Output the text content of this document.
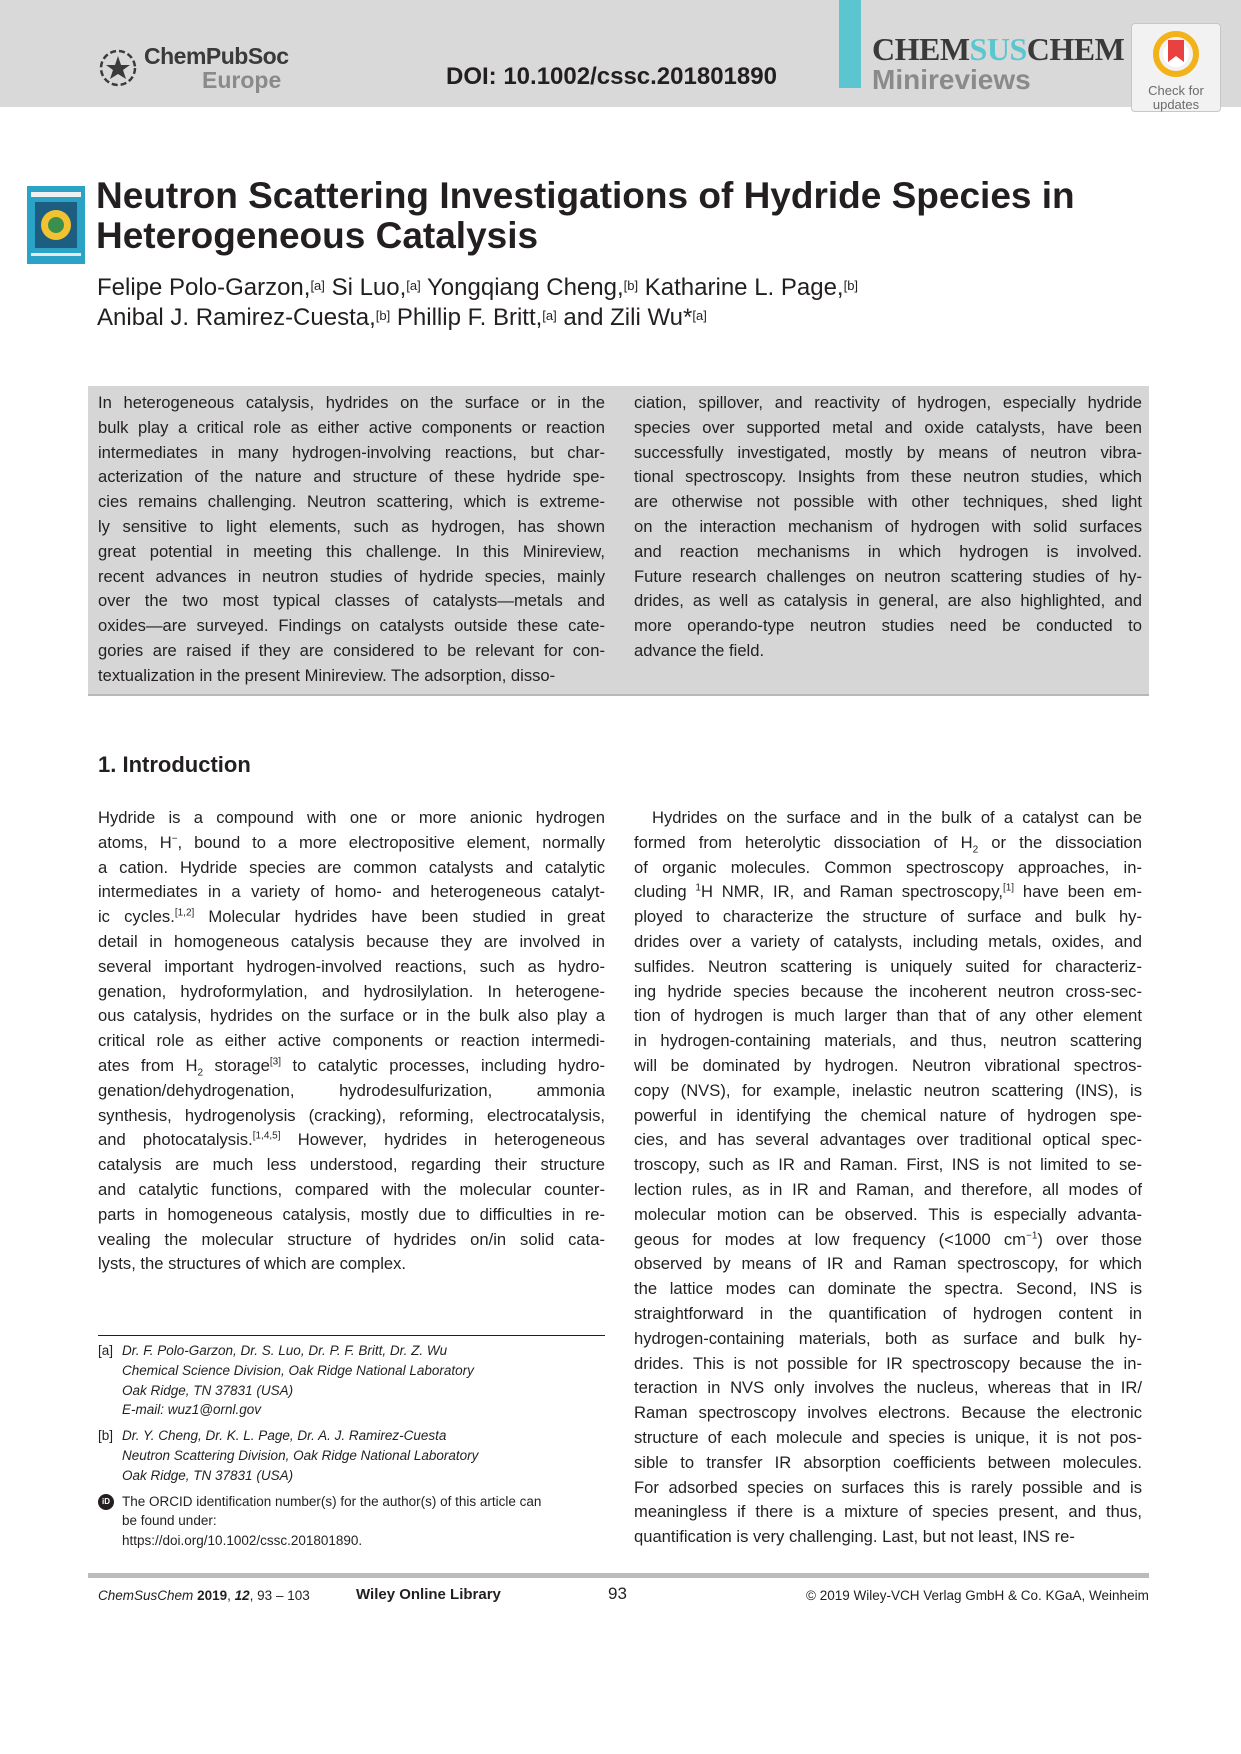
ChemPubSoc
Europe	DOI: 10.1002/cssc.201801890
CHEMSUSCHEM
Minireviews	Check for
updates
Neutron Scattering Investigations of Hydride Species in
Heterogeneous Catalysis
Felipe Polo-Garzon,[a] Si Luo,[a] Yongqiang Cheng,[b] Katharine L. Page,[b]
Anibal J. Ramirez-Cuesta,[b] Phillip F. Britt,[a] and Zili Wu*[a]
In heterogeneous catalysis, hydrides on the surface or in the
bulk play a critical role as either active components or reaction
intermediates in many hydrogen-involving reactions, but char-
acterization of the nature and structure of these hydride spe-
cies remains challenging. Neutron scattering, which is extreme-
ly sensitive to light elements, such as hydrogen, has shown
great potential in meeting this challenge. In this Minireview,
recent advances in neutron studies of hydride species, mainly
over the two most typical classes of catalysts—metals and
oxides—are surveyed. Findings on catalysts outside these cate-
gories are raised if they are considered to be relevant for con-
textualization in the present Minireview. The adsorption, disso-
ciation, spillover, and reactivity of hydrogen, especially hydride
species over supported metal and oxide catalysts, have been
successfully investigated, mostly by means of neutron vibra-
tional spectroscopy. Insights from these neutron studies, which
are otherwise not possible with other techniques, shed light
on the interaction mechanism of hydrogen with solid surfaces
and reaction mechanisms in which hydrogen is involved.
Future research challenges on neutron scattering studies of hy-
drides, as well as catalysis in general, are also highlighted, and
more operando-type neutron studies need be conducted to
advance the field.
1. Introduction
Hydride is a compound with one or more anionic hydrogen
atoms, H−, bound to a more electropositive element, normally
a cation. Hydride species are common catalysts and catalytic
intermediates in a variety of homo- and heterogeneous catalyt-
ic cycles.[1,2] Molecular hydrides have been studied in great
detail in homogeneous catalysis because they are involved in
several important hydrogen-involved reactions, such as hydro-
genation, hydroformylation, and hydrosilylation. In heterogene-
ous catalysis, hydrides on the surface or in the bulk also play a
critical role as either active components or reaction intermedi-
ates from $H_2$ storage[3] to catalytic processes, including hydro-
genation/dehydrogenation, hydrodesulfurization, ammonia
synthesis, hydrogenolysis (cracking), reforming, electrocatalysis,
and photocatalysis.[1,4,5] However, hydrides in heterogeneous
catalysis are much less understood, regarding their structure
and catalytic functions, compared with the molecular counter-
parts in homogeneous catalysis, mostly due to difficulties in re-
vealing the molecular structure of hydrides on/in solid cata-
lysts, the structures of which are complex.
Hydrides on the surface and in the bulk of a catalyst can be
formed from heterolytic dissociation of $H_2$ or the dissociation
of organic molecules. Common spectroscopy approaches, in-
cluding $^1$H NMR, IR, and Raman spectroscopy,[1] have been em-
ployed to characterize the structure of surface and bulk hy-
drides over a variety of catalysts, including metals, oxides, and
sulfides. Neutron scattering is uniquely suited for characteriz-
ing hydride species because the incoherent neutron cross-sec-
tion of hydrogen is much larger than that of any other element
in hydrogen-containing materials, and thus, neutron scattering
will be dominated by hydrogen. Neutron vibrational spectros-
copy (NVS), for example, inelastic neutron scattering (INS), is
powerful in identifying the chemical nature of hydrogen spe-
cies, and has several advantages over traditional optical spec-
troscopy, such as IR and Raman. First, INS is not limited to se-
lection rules, as in IR and Raman, and therefore, all modes of
molecular motion can be observed. This is especially advanta-
geous for modes at low frequency (<1000 $cm^{-1}$) over those
observed by means of IR and Raman spectroscopy, for which
the lattice modes can dominate the spectra. Second, INS is
straightforward in the quantification of hydrogen content in
hydrogen-containing materials, both as surface and bulk hy-
drides. This is not possible for IR spectroscopy because the in-
teraction in NVS only involves the nucleus, whereas that in IR/
Raman spectroscopy involves electrons. Because the electronic
structure of each molecule and species is unique, it is not pos-
sible to transfer IR absorption coefficients between molecules.
For adsorbed species on surfaces this is rarely possible and is
meaningless if there is a mixture of species present, and thus,
quantification is very challenging. Last, but not least, INS re-
[a] Dr. F. Polo-Garzon, Dr. S. Luo, Dr. P. F. Britt, Dr. Z. Wu
Chemical Science Division, Oak Ridge National Laboratory
Oak Ridge, TN 37831 (USA)
E-mail: wuz1@ornl.gov
[b] Dr. Y. Cheng, Dr. K. L. Page, Dr. A. J. Ramirez-Cuesta
Neutron Scattering Division, Oak Ridge National Laboratory
Oak Ridge, TN 37831 (USA)
iD The ORCID identification number(s) for the author(s) of this article can
be found under:
https://doi.org/10.1002/cssc.201801890.
ChemSusChem 2019, 12, 93 – 103	Wiley Online Library	93	© 2019 Wiley-VCH Verlag GmbH & Co. KGaA, Weinheim
